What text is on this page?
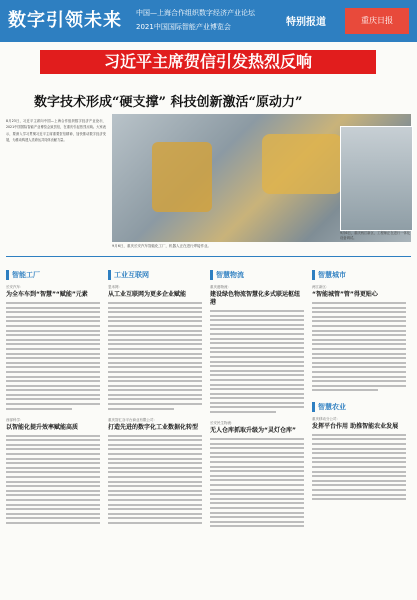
数字引领未来 中国—上海合作组织数字经济产业论坛
2021中国国际智能产业博览会	特别报道	重庆日报
习近平主席贺信引发热烈反响
数字技术形成“硬支撑” 科技创新激活“原动力”
8月23日，习近平主席向中国—上海合作组织数字经济产业论坛、2021中国国际智能产业博览会致贺信，在重庆引起热烈反响。大家表示，要深入学习贯彻习近平主席重要贺信精神，加快推动数字经济发展，为推动构建人类命运共同体贡献力量。
9月6日，重庆长安汽车智能化工厂，机器人正在进行焊接作业。
9月6日，重庆两江新区，工程师正在进行一体化设备调试。
智能工厂
长安汽车：
为全车车到“智慧”“赋能”元素
西部科学：
以智能化提升效率赋能高质
工业互联网
忽米网：
从工业互联网为更多企业赋能
重庆智汇谷平台商业有限公司：
打造先进的数字化工业数据化转型
智慧物流
重庆港物流：
建设绿色物流智慧化多式联运枢纽港
长安民生物流：
无人仓库抓取升级为“灵灯仓库”
智慧城市
两江新区：
“智能城管”管”得更贴心
智慧农业
重庆移动分公司：
发挥平台作用 助推智能农业发展
